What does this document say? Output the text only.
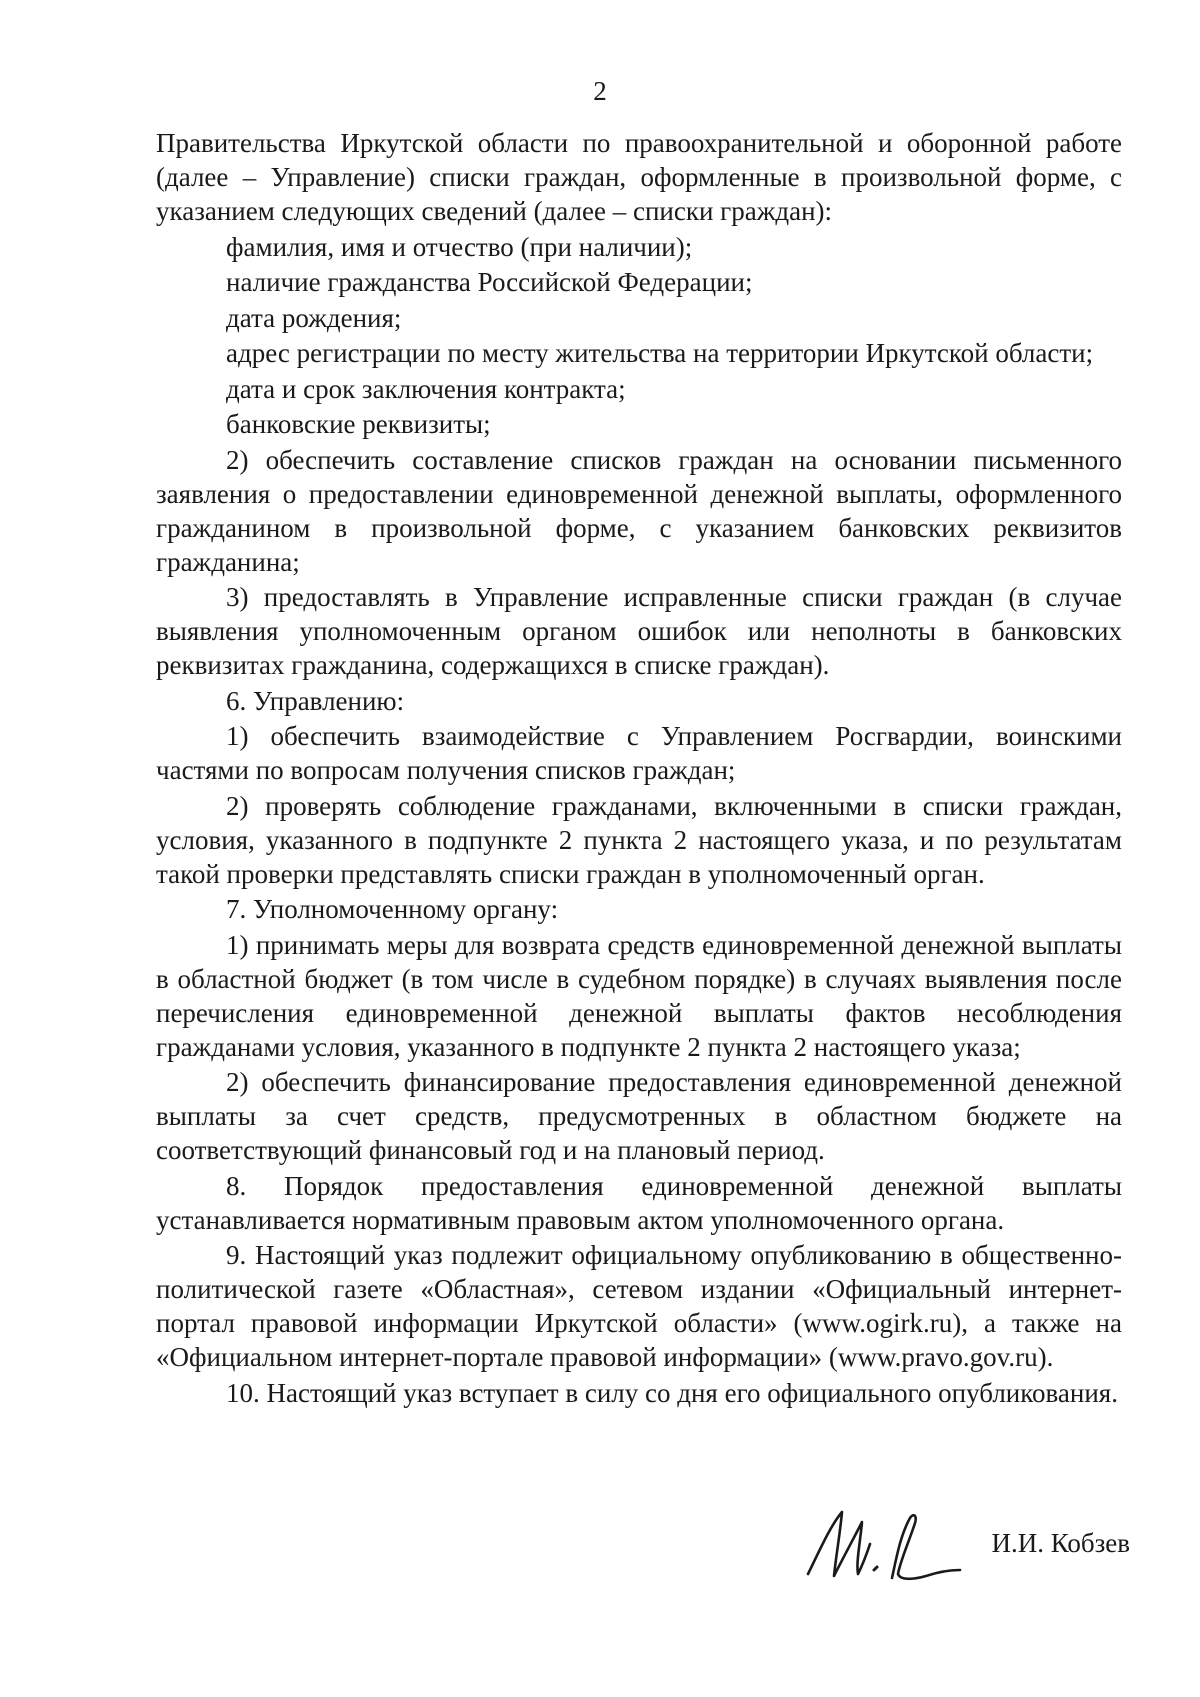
2

Правительства Иркутской области по правоохранительной и оборонной работе (далее – Управление) списки граждан, оформленные в произвольной форме, с указанием следующих сведений (далее – списки граждан):

фамилия, имя и отчество (при наличии);

наличие гражданства Российской Федерации;

дата рождения;

адрес регистрации по месту жительства на территории Иркутской области;

дата и срок заключения контракта;

банковские реквизиты;

2) обеспечить составление списков граждан на основании письменного заявления о предоставлении единовременной денежной выплаты, оформленного гражданином в произвольной форме, с указанием банковских реквизитов гражданина;

3) предоставлять в Управление исправленные списки граждан (в случае выявления уполномоченным органом ошибок или неполноты в банковских реквизитах гражданина, содержащихся в списке граждан).

6. Управлению:

1) обеспечить взаимодействие с Управлением Росгвардии, воинскими частями по вопросам получения списков граждан;

2) проверять соблюдение гражданами, включенными в списки граждан, условия, указанного в подпункте 2 пункта 2 настоящего указа, и по результатам такой проверки представлять списки граждан в уполномоченный орган.

7. Уполномоченному органу:

1) принимать меры для возврата средств единовременной денежной выплаты в областной бюджет (в том числе в судебном порядке) в случаях выявления после перечисления единовременной денежной выплаты фактов несоблюдения гражданами условия, указанного в подпункте 2 пункта 2 настоящего указа;

2) обеспечить финансирование предоставления единовременной денежной выплаты за счет средств, предусмотренных в областном бюджете на соответствующий финансовый год и на плановый период.

8. Порядок предоставления единовременной денежной выплаты устанавливается нормативным правовым актом уполномоченного органа.

9. Настоящий указ подлежит официальному опубликованию в общественно-политической газете «Областная», сетевом издании «Официальный интернет-портал правовой информации Иркутской области» (www.ogirk.ru), а также на «Официальном интернет-портале правовой информации» (www.pravo.gov.ru).

10. Настоящий указ вступает в силу со дня его официального опубликования.

И.И. Кобзев
